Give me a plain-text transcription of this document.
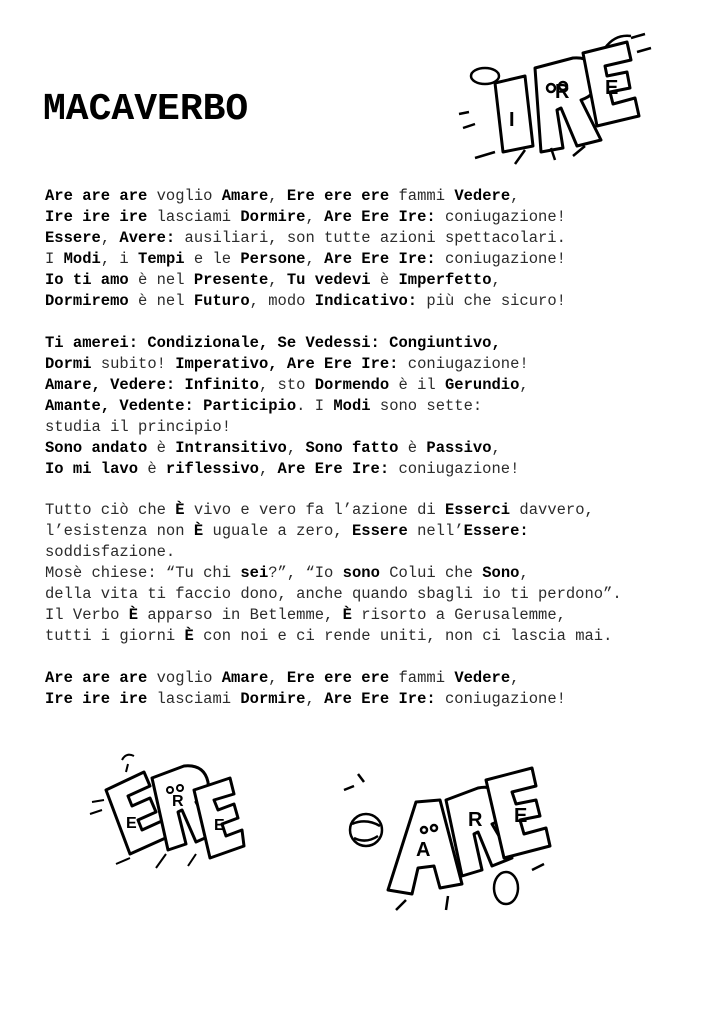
MACAVERBO	I
R E
Are are are voglio Amare, Ere ere ere fammi Vedere,
Ire ire ire lasciami Dormire, Are Ere Ire: coniugazione!
Essere, Avere: ausiliari, son tutte azioni spettacolari.
I Modi, i Tempi e le Persone, Are Ere Ire: coniugazione!
Io ti amo è nel Presente, Tu vedevi è Imperfetto,
Dormiremo è nel Futuro, modo Indicativo: più che sicuro!
Ti amerei: Condizionale, Se Vedessi: Congiuntivo,
Dormi subito! Imperativo, Are Ere Ire: coniugazione!
Amare, Vedere: Infinito, sto Dormendo è il Gerundio,
Amante, Vedente: Participio. I Modi sono sette:
studia il principio!
Sono andato è Intransitivo, Sono fatto è Passivo,
Io mi lavo è riflessivo, Are Ere Ire: coniugazione!
Tutto ciò che È vivo e vero fa l’azione di Esserci davvero,
l’esistenza non È uguale a zero, Essere nell’Essere:
soddisfazione.
Mosè chiese: “Tu chi sei?”, “Io sono Colui che Sono,
della vita ti faccio dono, anche quando sbagli io ti perdono”.
Il Verbo È apparso in Betlemme, È risorto a Gerusalemme,
tutti i giorni È con noi e ci rende uniti, non ci lascia mai.
Are are are voglio Amare, Ere ere ere fammi Vedere,
Ire ire ire lasciami Dormire, Are Ere Ire: coniugazione!
E
R
E
A
R E
